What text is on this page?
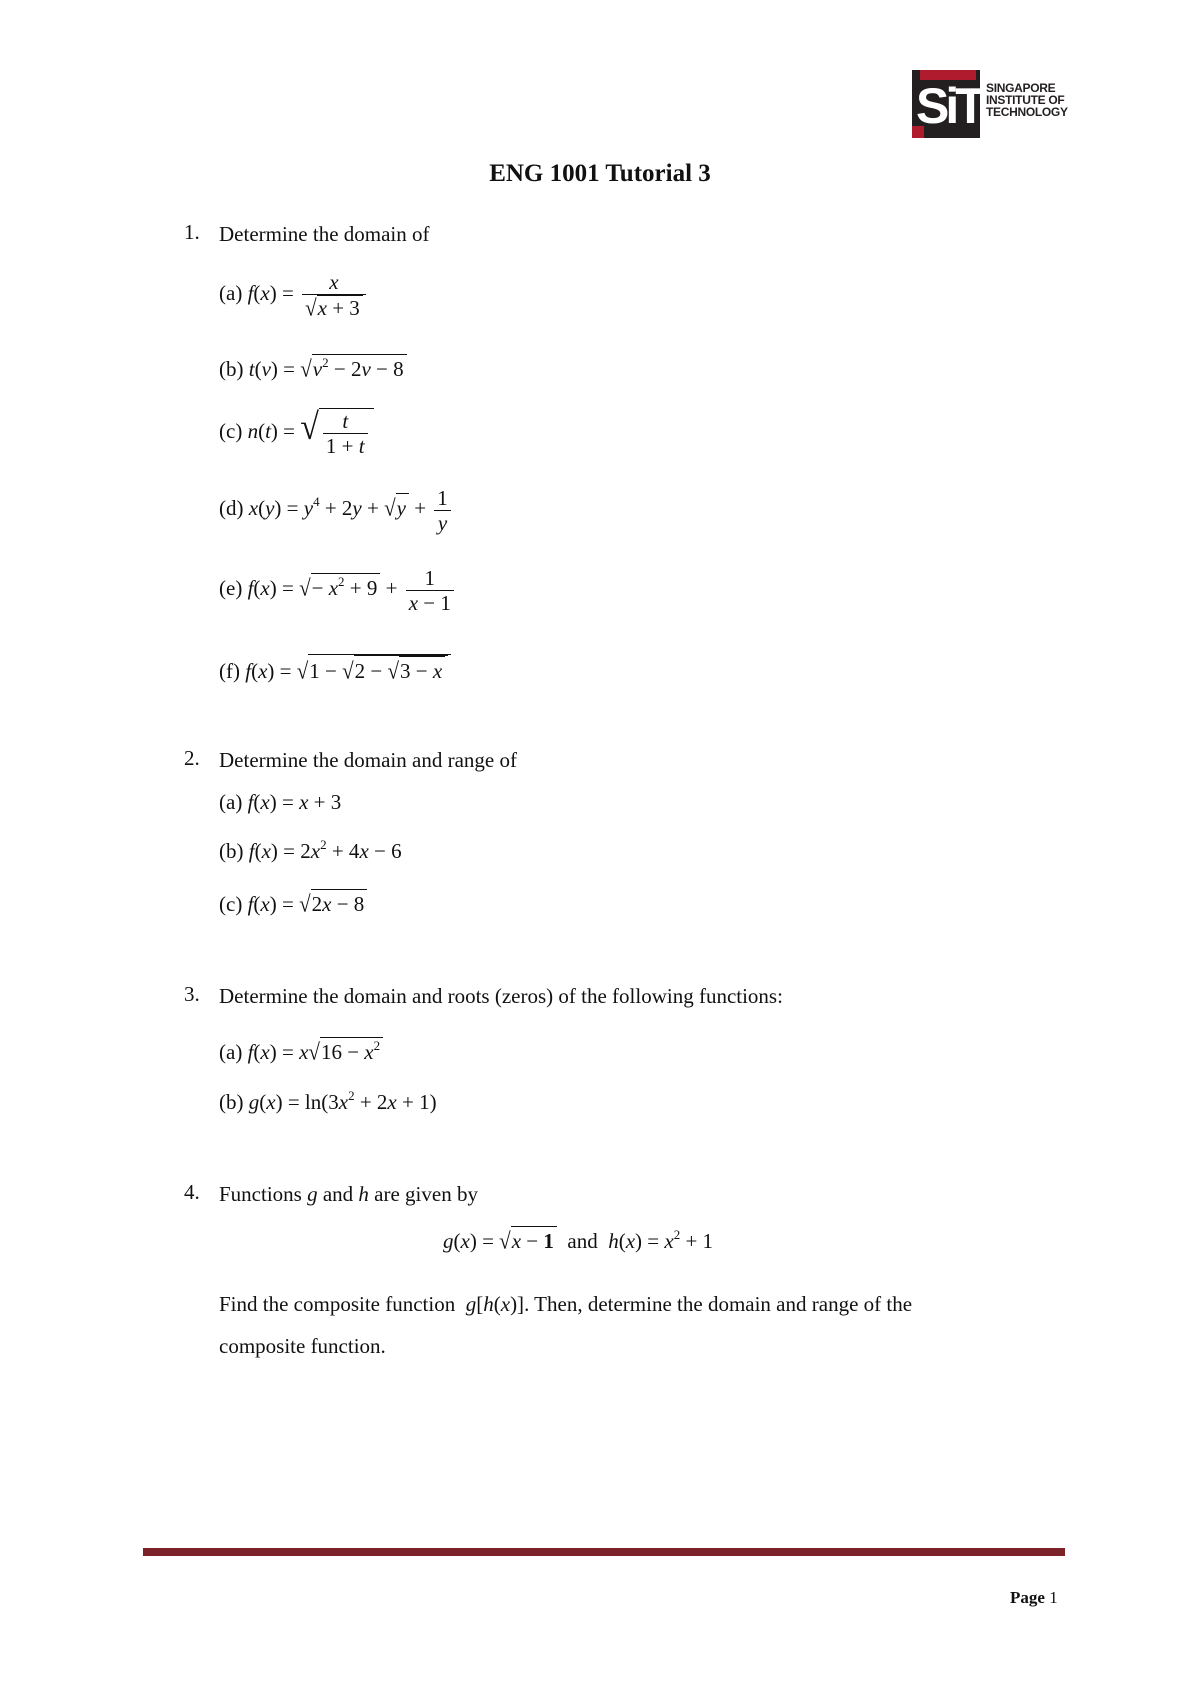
SiT SINGAPORE
INSTITUTE OF
TECHNOLOGY
ENG 1001 Tutorial 3
1. Determine the domain of
(a) $f(x) = \frac{x}{√x + 3}$
(b) $t(v) = √v^2 - 2v - 8$
(c) n(t) = √ $\frac{t}{1 + t}$
(d) $x(y) = y^4 + 2y + √y + \frac{1}{y}$
(e) f(x) = √− $x^2 + 9 + \frac{1}{x - 1}$
(f) f(x) = √1 − √2 − √3 − x
2. Determine the domain and range of
(a) f(x) = x + 3
(b) $f(x) = 2x^2 + 4x - 6$
(c) f(x) = √2x − 8
3. Determine the domain and roots (zeros) of the following functions:
(a) $f(x) = x√16 - x^2$
(b) $g(x) = \ln(3x^2 + 2x + 1)$
4. Functions g and h are given by
g(x) = √x − 1 and $h(x) = x^2 + 1$
Find the composite function g[h(x)]. Then, determine the domain and range of the
composite function.
Page 1
